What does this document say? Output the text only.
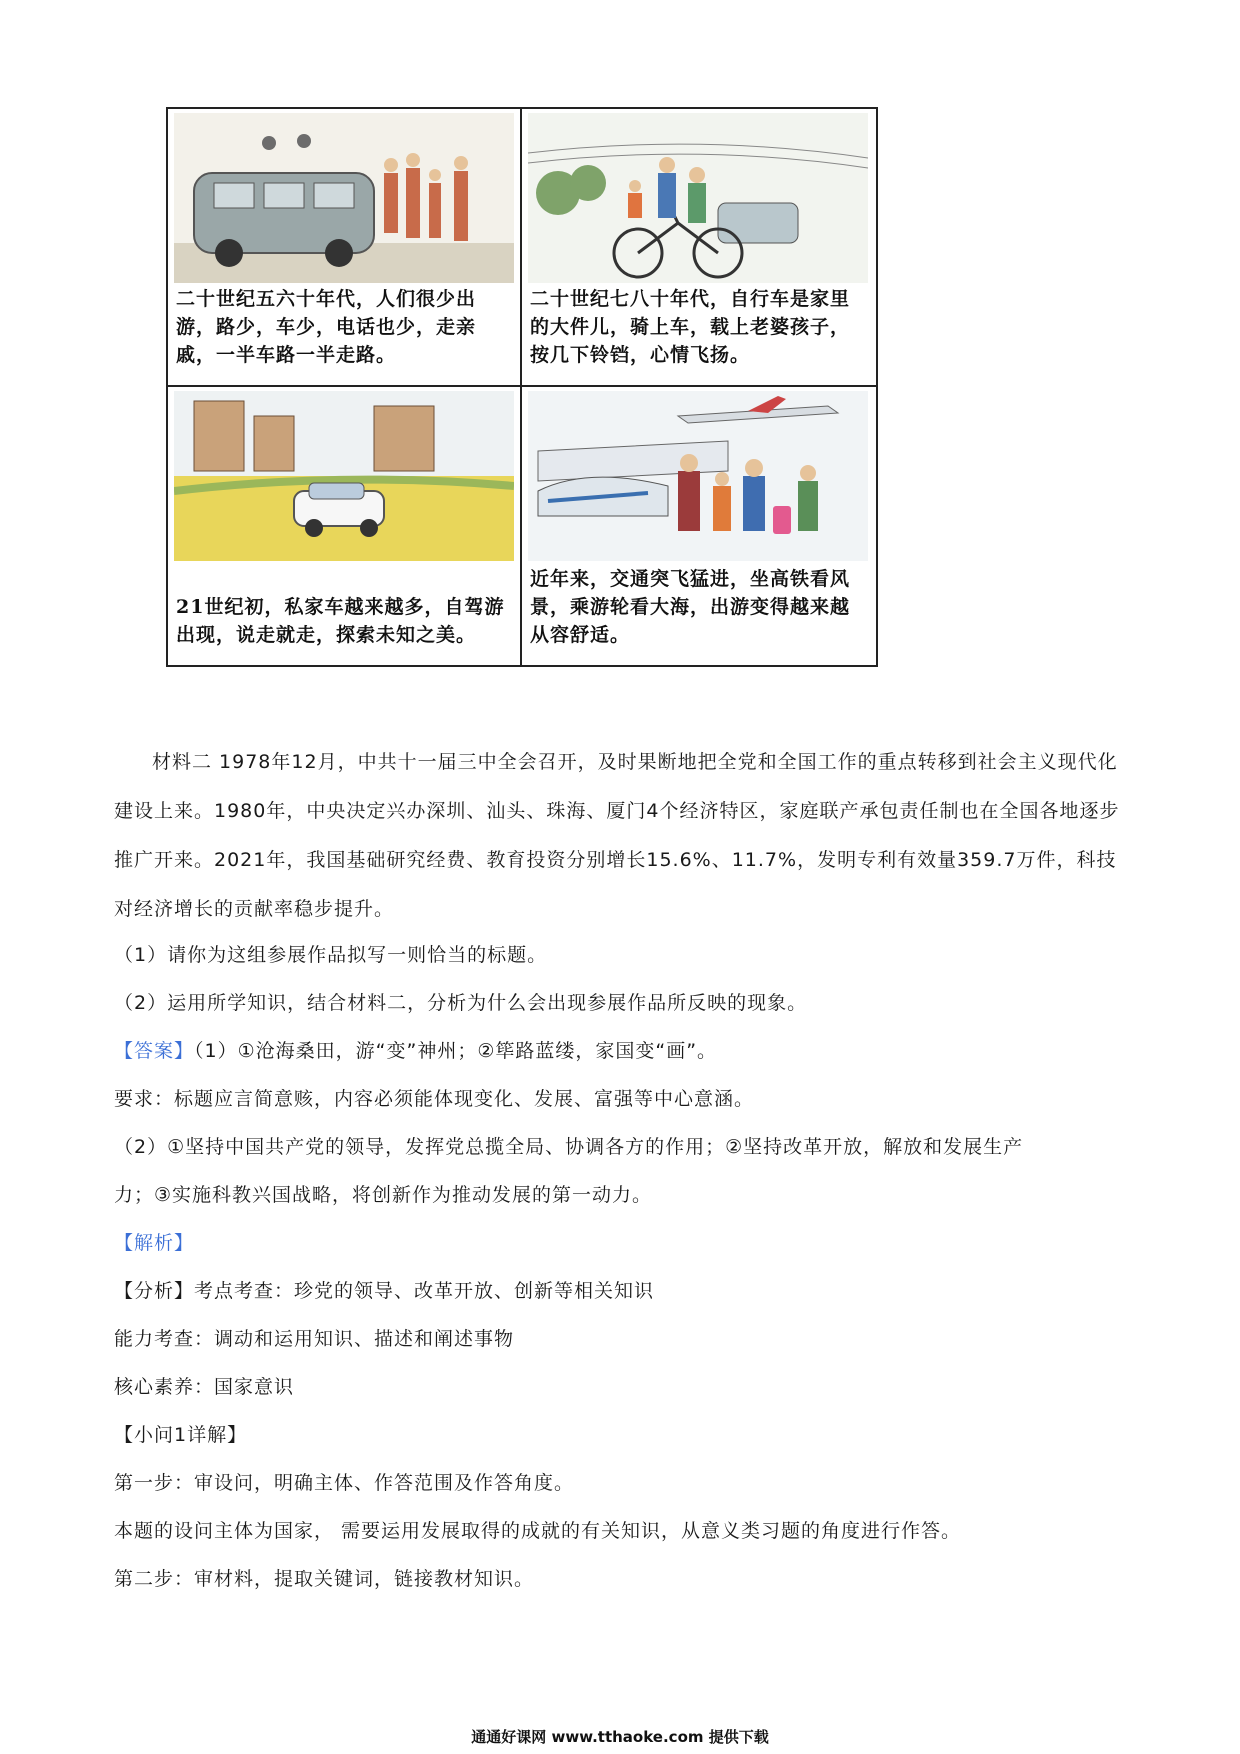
二十世纪五六十年代，人们很少出游，路少，车少，电话也少，走亲戚，一半车路一半走路。
二十世纪七八十年代，自行车是家里的大件儿，骑上车，载上老婆孩子，按几下铃铛，心情飞扬。
21世纪初，私家车越来越多，自驾游出现，说走就走，探索未知之美。
近年来，交通突飞猛进，坐高铁看风景，乘游轮看大海，出游变得越来越从容舒适。

材料二 1978年12月，中共十一届三中全会召开，及时果断地把全党和全国工作的重点转移到社会主义现代化建设上来。1980年，中央决定兴办深圳、汕头、珠海、厦门4个经济特区，家庭联产承包责任制也在全国各地逐步推广开来。2021年，我国基础研究经费、教育投资分别增长15.6%、11.7%，发明专利有效量359.7万件，科技对经济增长的贡献率稳步提升。

（1）请你为这组参展作品拟写一则恰当的标题。
（2）运用所学知识，结合材料二，分析为什么会出现参展作品所反映的现象。
【答案】（1）①沧海桑田，游“变”神州；②筚路蓝缕，家国变“画”。
要求：标题应言简意赅，内容必须能体现变化、发展、富强等中心意涵。
（2）①坚持中国共产党的领导，发挥党总揽全局、协调各方的作用；②坚持改革开放，解放和发展生产
力；③实施科教兴国战略，将创新作为推动发展的第一动力。
【解析】
【分析】考点考查：珍党的领导、改革开放、创新等相关知识
能力考查：调动和运用知识、描述和阐述事物
核心素养：国家意识
【小问1详解】
第一步：审设问，明确主体、作答范围及作答角度。
本题的设问主体为国家， 需要运用发展取得的成就的有关知识，从意义类习题的角度进行作答。
第二步：审材料，提取关键词，链接教材知识。
通通好课网 www.tthaoke.com 提供下载
